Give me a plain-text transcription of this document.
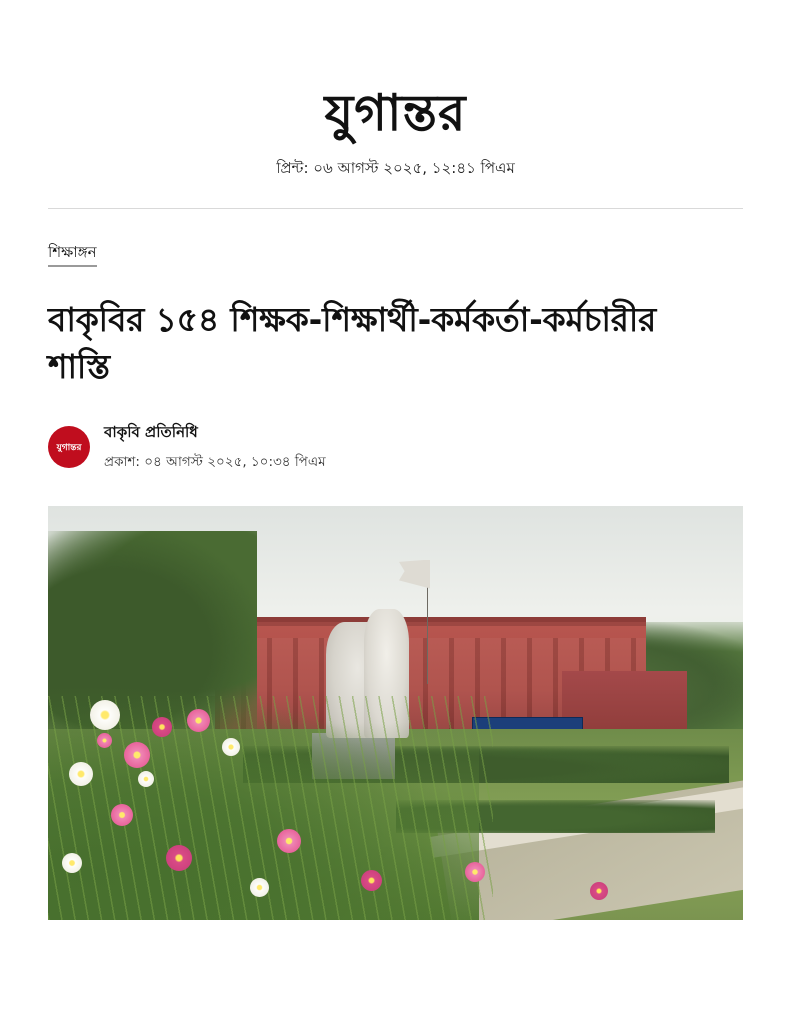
যুগান্তর
প্রিন্ট: ০৬ আগস্ট ২০২৫, ১২:৪১ পিএম
শিক্ষাঙ্গন
বাকৃবির ১৫৪ শিক্ষক-শিক্ষার্থী-কর্মকর্তা-কর্মচারীর শাস্তি
যুগান্তর
বাকৃবি প্রতিনিধি
প্রকাশ: ০৪ আগস্ট ২০২৫, ১০:৩৪ পিএম
